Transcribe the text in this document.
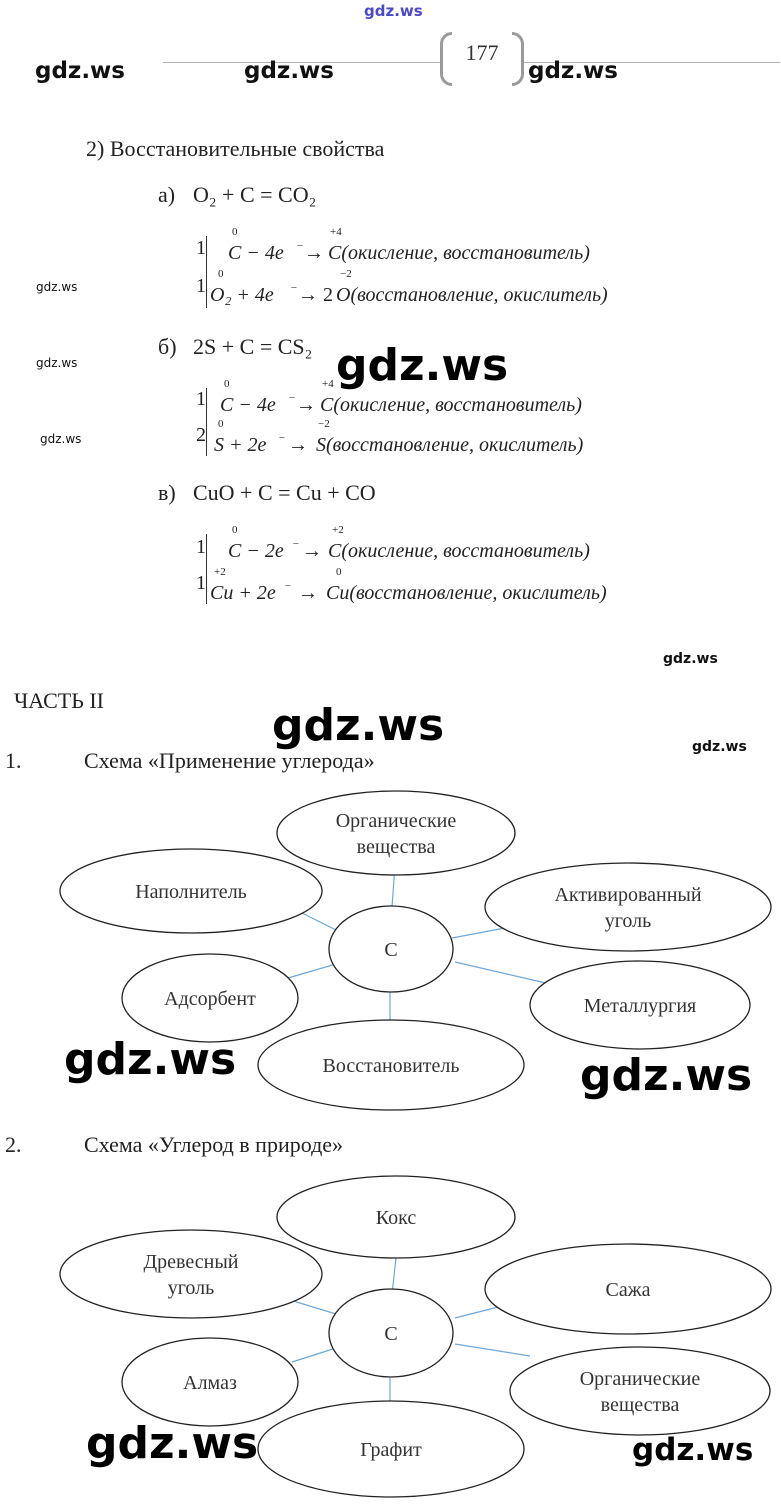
gdz.ws
177
gdz.ws	gdz.ws	gdz.ws
2) Восстановительные свойства
а) O₂ + C = CO₂
1
1
0
C − 4e − →
+4
C(окисление, восстановитель)
0
O₂ + 4e − → 2
−2
O(восстановление, окислитель)
gdz.ws
б) 2S + C = CS₂
gdz.ws	gdz.ws
1
2
0
C − 4e − →
+4
C(окисление, восстановитель)
0
S + 2e − →
−2
S(восстановление, окислитель)
gdz.ws
в) CuO + C = Cu + CO
1
1
0
C − 2e − →
+2
C(окисление, восстановитель)
+2
Cu + 2e − →
0
Cu(восстановление, окислитель)
gdz.ws
ЧАСТЬ II	gdz.ws	gdz.ws
1.	Схема «Применение углерода»
C
Органические
вещества
Наполнитель	Активированный
уголь
Адсорбент	Металлургия
Восстановитель
gdz.ws	gdz.ws
2.	Схема «Углерод в природе»
C
Кокс
Древесный
уголь	Сажа
Алмаз	Органические
вещества
Графит
gdz.ws	gdz.ws
